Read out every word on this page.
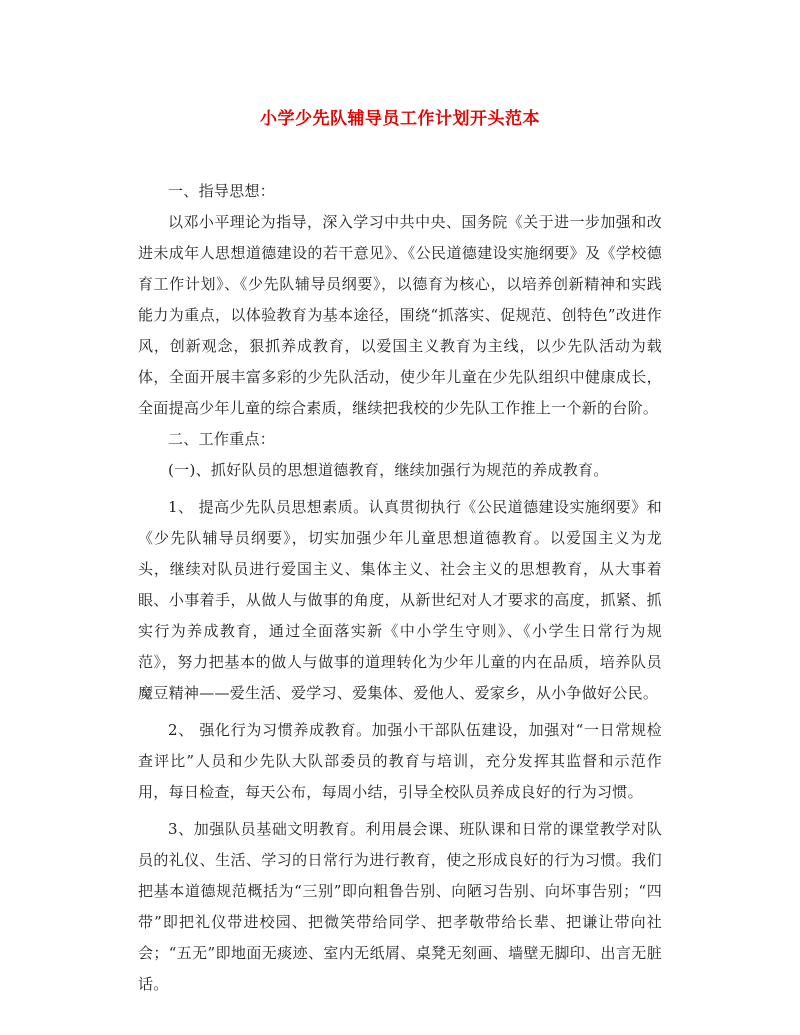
小学少先队辅导员工作计划开头范本

一、指导思想：

以邓小平理论为指导，深入学习中共中央、国务院《关于进一步加强和改进未成年人思想道德建设的若干意见》、《公民道德建设实施纲要》及《学校德育工作计划》、《少先队辅导员纲要》，以德育为核心，以培养创新精神和实践能力为重点，以体验教育为基本途径，围绕“抓落实、促规范、创特色”改进作风，创新观念，狠抓养成教育，以爱国主义教育为主线，以少先队活动为载体，全面开展丰富多彩的少先队活动，使少年儿童在少先队组织中健康成长，全面提高少年儿童的综合素质，继续把我校的少先队工作推上一个新的台阶。

二、工作重点：

(一)、抓好队员的思想道德教育，继续加强行为规范的养成教育。

1、 提高少先队员思想素质。认真贯彻执行《公民道德建设实施纲要》和《少先队辅导员纲要》，切实加强少年儿童思想道德教育。以爱国主义为龙头，继续对队员进行爱国主义、集体主义、社会主义的思想教育，从大事着眼、小事着手，从做人与做事的角度，从新世纪对人才要求的高度，抓紧、抓实行为养成教育，通过全面落实新《中小学生守则》、《小学生日常行为规范》，努力把基本的做人与做事的道理转化为少年儿童的内在品质，培养队员魔豆精神——爱生活、爱学习、爱集体、爱他人、爱家乡，从小争做好公民。

2、 强化行为习惯养成教育。加强小干部队伍建设，加强对“一日常规检查评比”人员和少先队大队部委员的教育与培训，充分发挥其监督和示范作用，每日检查，每天公布，每周小结，引导全校队员养成良好的行为习惯。

3、加强队员基础文明教育。利用晨会课、班队课和日常的课堂教学对队员的礼仪、生活、学习的日常行为进行教育，使之形成良好的行为习惯。我们把基本道德规范概括为“三别”即向粗鲁告别、向陋习告别、向坏事告别；“四带”即把礼仪带进校园、把微笑带给同学、把孝敬带给长辈、把谦让带向社会；“五无”即地面无痰迹、室内无纸屑、桌凳无刻画、墙壁无脚印、出言无脏话。
